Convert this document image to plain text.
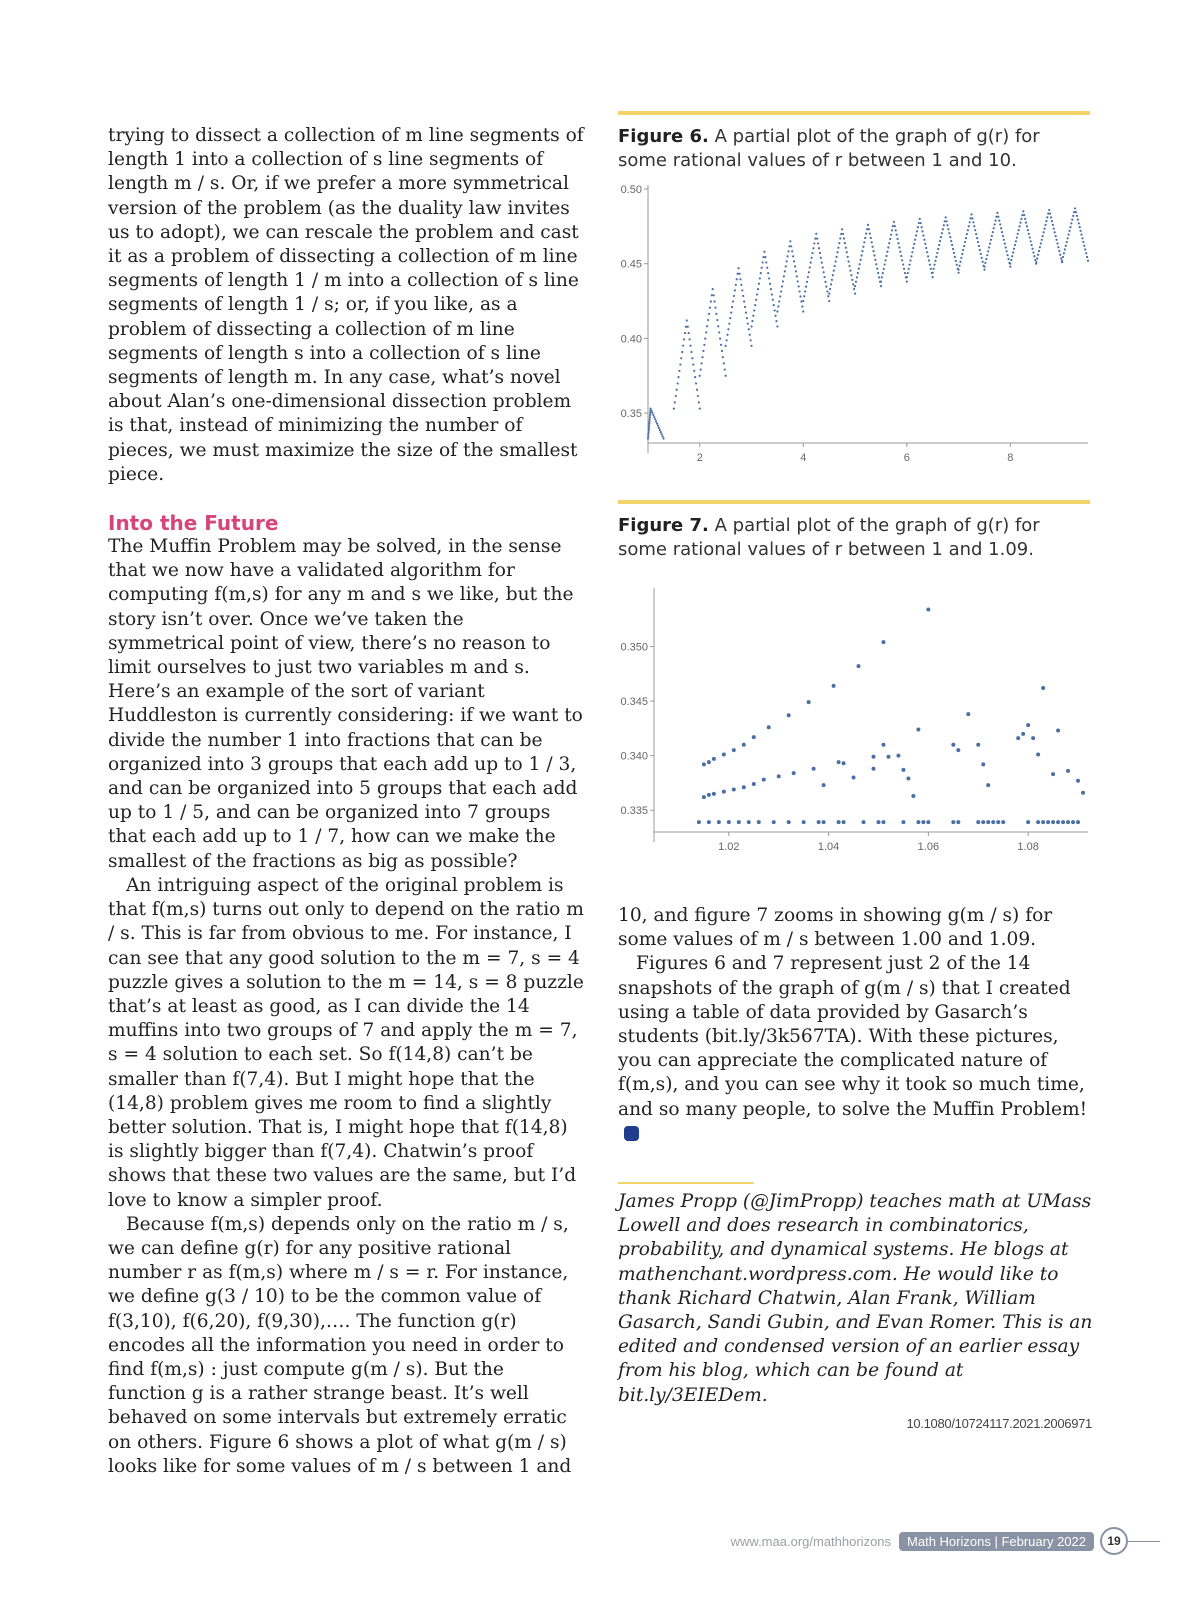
trying to dissect a collection of m line segments of length 1 into a collection of s line segments of length m / s. Or, if we prefer a more symmetrical version of the problem (as the duality law invites us to adopt), we can rescale the problem and cast it as a problem of dissecting a collection of m line segments of length 1 / m into a collection of s line segments of length 1 / s; or, if you like, as a problem of dissecting a collection of m line segments of length s into a collection of s line segments of length m. In any case, what’s novel about Alan’s one-dimensional dissection problem is that, instead of minimizing the number of pieces, we must maximize the size of the smallest piece.

Into the Future

The Muffin Problem may be solved, in the sense that we now have a validated algorithm for computing f(m,s) for any m and s we like, but the story isn’t over. Once we’ve taken the symmetrical point of view, there’s no reason to limit ourselves to just two variables m and s. Here’s an example of the sort of variant Huddleston is currently considering: if we want to divide the number 1 into fractions that can be organized into 3 groups that each add up to 1 / 3, and can be organized into 5 groups that each add up to 1 / 5, and can be organized into 7 groups that each add up to 1 / 7, how can we make the smallest of the fractions as big as possible?

An intriguing aspect of the original problem is that f(m,s) turns out only to depend on the ratio m / s. This is far from obvious to me. For instance, I can see that any good solution to the m = 7, s = 4 puzzle gives a solution to the m = 14, s = 8 puzzle that’s at least as good, as I can divide the 14 muffins into two groups of 7 and apply the m = 7, s = 4 solution to each set. So f(14,8) can’t be smaller than f(7,4). But I might hope that the (14,8) problem gives me room to find a slightly better solution. That is, I might hope that f(14,8) is slightly bigger than f(7,4). Chatwin’s proof shows that these two values are the same, but I’d love to know a simpler proof.

Because f(m,s) depends only on the ratio m / s, we can define g(r) for any positive rational number r as f(m,s) where m / s = r. For instance, we define g(3 / 10) to be the common value of f(3,10), f(6,20), f(9,30),…. The function g(r) encodes all the information you need in order to find f(m,s) : just compute g(m / s). But the function g is a rather strange beast. It’s well behaved on some intervals but extremely erratic on others. Figure 6 shows a plot of what g(m / s) looks like for some values of m / s between 1 and

Figure 6. A partial plot of the graph of g(r) for some rational values of r between 1 and 10.
0.35
0.40
0.45
0.50
2	4	6	8
Figure 7. A partial plot of the graph of g(r) for some rational values of r between 1 and 1.09.
0.335
0.340
0.345
0.350
1.02	1.04	1.06	1.08

10, and figure 7 zooms in showing g(m / s) for some values of m / s between 1.00 and 1.09.

Figures 6 and 7 represent just 2 of the 14 snapshots of the graph of g(m / s) that I created using a table of data provided by Gasarch’s students (bit.ly/3k567TA). With these pictures, you can appreciate the complicated nature of f(m,s), and you can see why it took so much time, and so many people, to solve the Muffin Problem!

James Propp (@JimPropp) teaches math at UMass Lowell and does research in combinatorics, probability, and dynamical systems. He blogs at mathenchant.wordpress.com. He would like to thank Richard Chatwin, Alan Frank, William Gasarch, Sandi Gubin, and Evan Romer. This is an edited and condensed version of an earlier essay from his blog, which can be found at bit.ly/3EIEDem.
10.1080/10724117.2021.2006971
www.maa.org/mathhorizons	Math Horizons | February 2022	19
